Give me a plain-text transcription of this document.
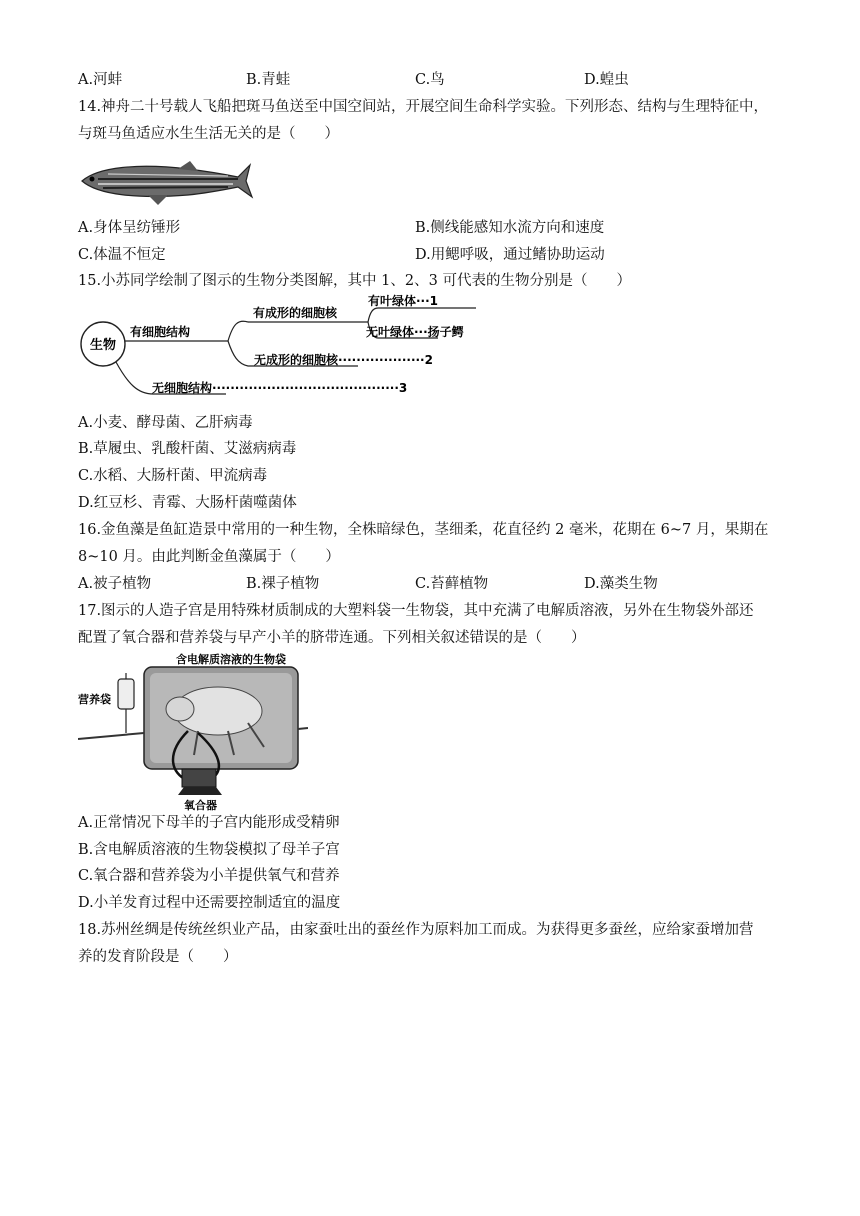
A.河蚌	B.青蛙	C.鸟	D.蝗虫
14.神舟二十号载人飞船把斑马鱼送至中国空间站，开展空间生命科学实验。下列形态、结构与生理特征中，
与斑马鱼适应水生生活无关的是（　　）
A.身体呈纺锤形	B.侧线能感知水流方向和速度
C.体温不恒定	D.用鳃呼吸，通过鳍协助运动
15.小苏同学绘制了图示的生物分类图解，其中 1、2、3 可代表的生物分别是（　　）
生物
有细胞结构
有成形的细胞核
有叶绿体···1
无叶绿体···扬子鳄
无成形的细胞核···················2
无细胞结构·········································3
A.小麦、酵母菌、乙肝病毒
B.草履虫、乳酸杆菌、艾滋病病毒
C.水稻、大肠杆菌、甲流病毒
D.红豆杉、青霉、大肠杆菌噬菌体
16.金鱼藻是鱼缸造景中常用的一种生物，全株暗绿色，茎细柔，花直径约 2 毫米，花期在 6~7 月，果期在
8~10 月。由此判断金鱼藻属于（　　）
A.被子植物	B.裸子植物	C.苔藓植物	D.藻类生物
17.图示的人造子宫是用特殊材质制成的大塑料袋一生物袋，其中充满了电解质溶液，另外在生物袋外部还
配置了氧合器和营养袋与早产小羊的脐带连通。下列相关叙述错误的是（　　）
含电解质溶液的生物袋
氧合器
营养袋
A.正常情况下母羊的子宫内能形成受精卵
B.含电解质溶液的生物袋模拟了母羊子宫
C.氧合器和营养袋为小羊提供氧气和营养
D.小羊发育过程中还需要控制适宜的温度
18.苏州丝绸是传统丝织业产品，由家蚕吐出的蚕丝作为原料加工而成。为获得更多蚕丝，应给家蚕增加营
养的发育阶段是（　　）
